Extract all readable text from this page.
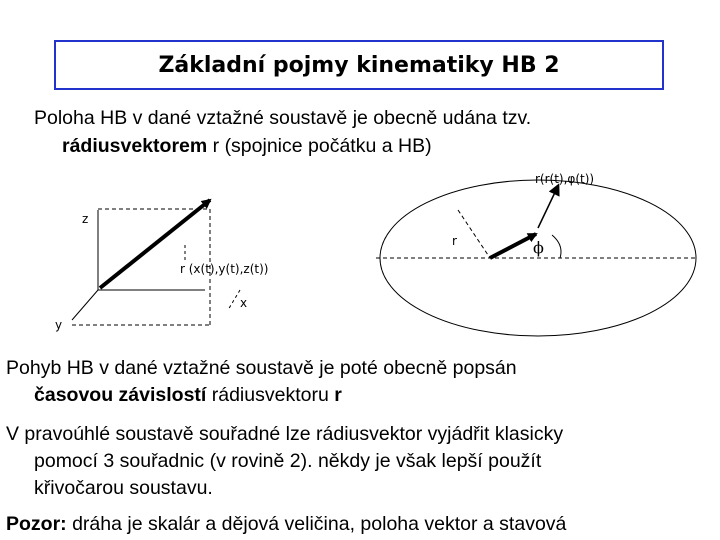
Základní pojmy kinematiky HB 2
Poloha HB v dané vztažné soustavě je obecně udána tzv.
rádiusvektorem r (spojnice počátku a HB)
z
y
x
r (x(t),y(t),z(t))
r(r(t),φ(t))
r	ϕ
Pohyb HB v dané vztažné soustavě je poté obecně popsán
časovou závislostí rádiusvektoru r
V pravoúhlé soustavě souřadné lze rádiusvektor vyjádřit klasicky
pomocí 3 souřadnic (v rovině 2). někdy je však lepší použít
křivočarou soustavu.
Pozor: dráha je skalár a dějová veličina, poloha vektor a stavová
